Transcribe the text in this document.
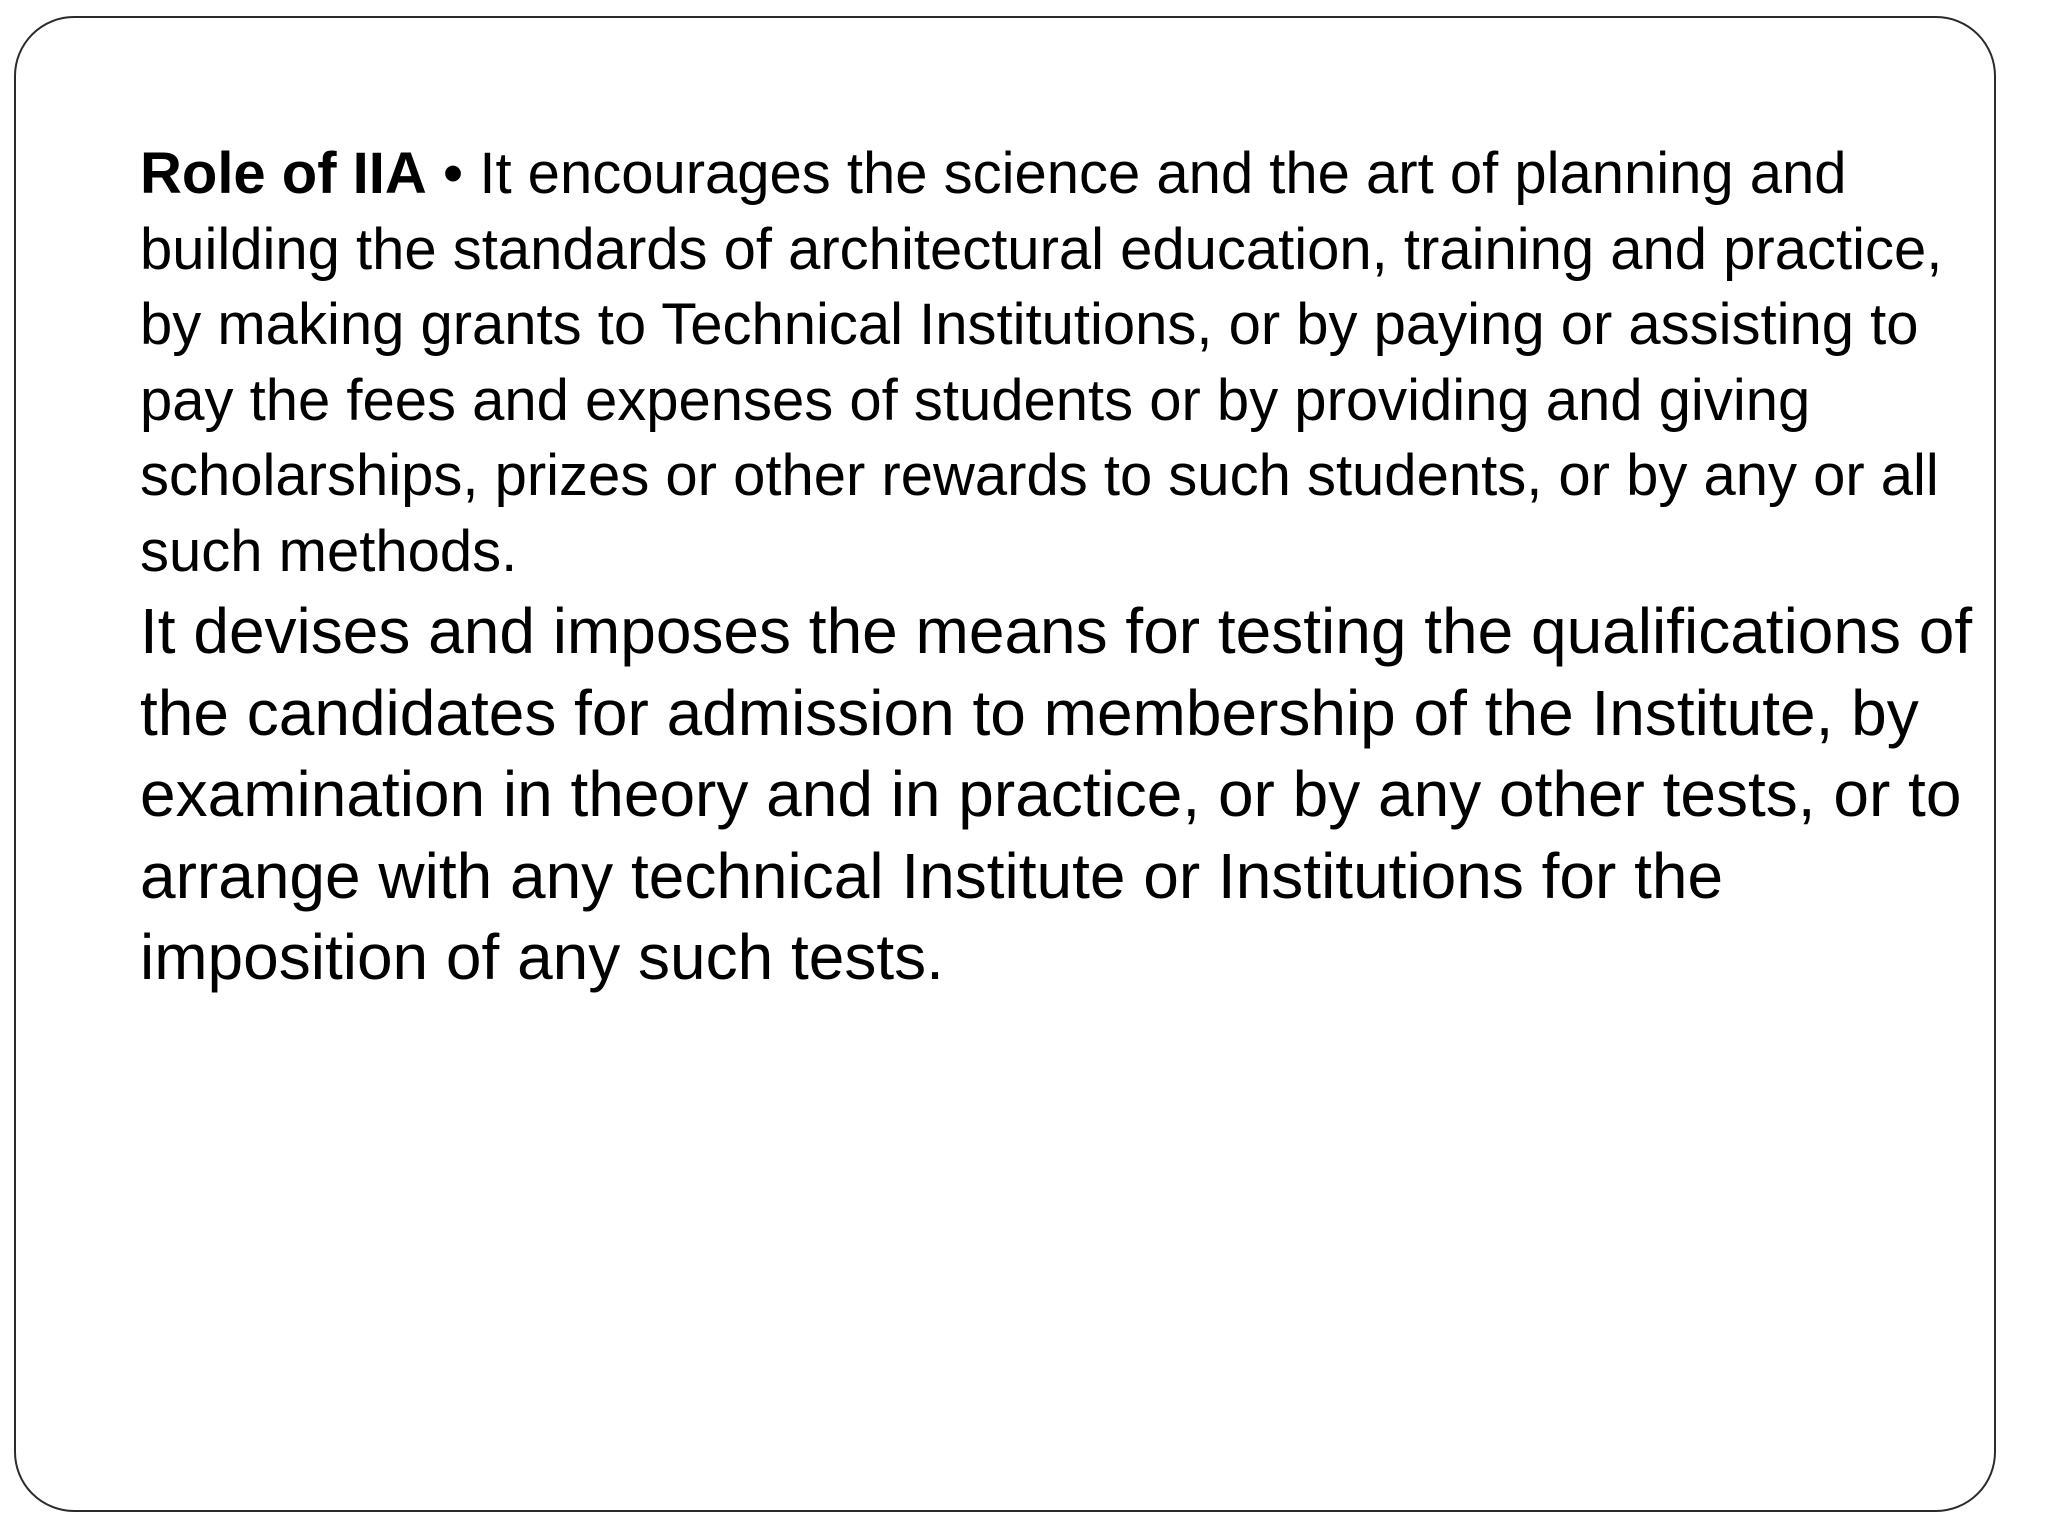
Role of IIA • It encourages the science and the art of planning and building the standards of architectural education, training and practice, by making grants to Technical Institutions, or by paying or assisting to pay the fees and expenses of students or by providing and giving scholarships, prizes or other rewards to such students, or by any or all such methods.

It devises and imposes the means for testing the qualifications of the candidates for admission to membership of the Institute, by examination in theory and in practice, or by any other tests, or to arrange with any technical Institute or Institutions for the imposition of any such tests.
